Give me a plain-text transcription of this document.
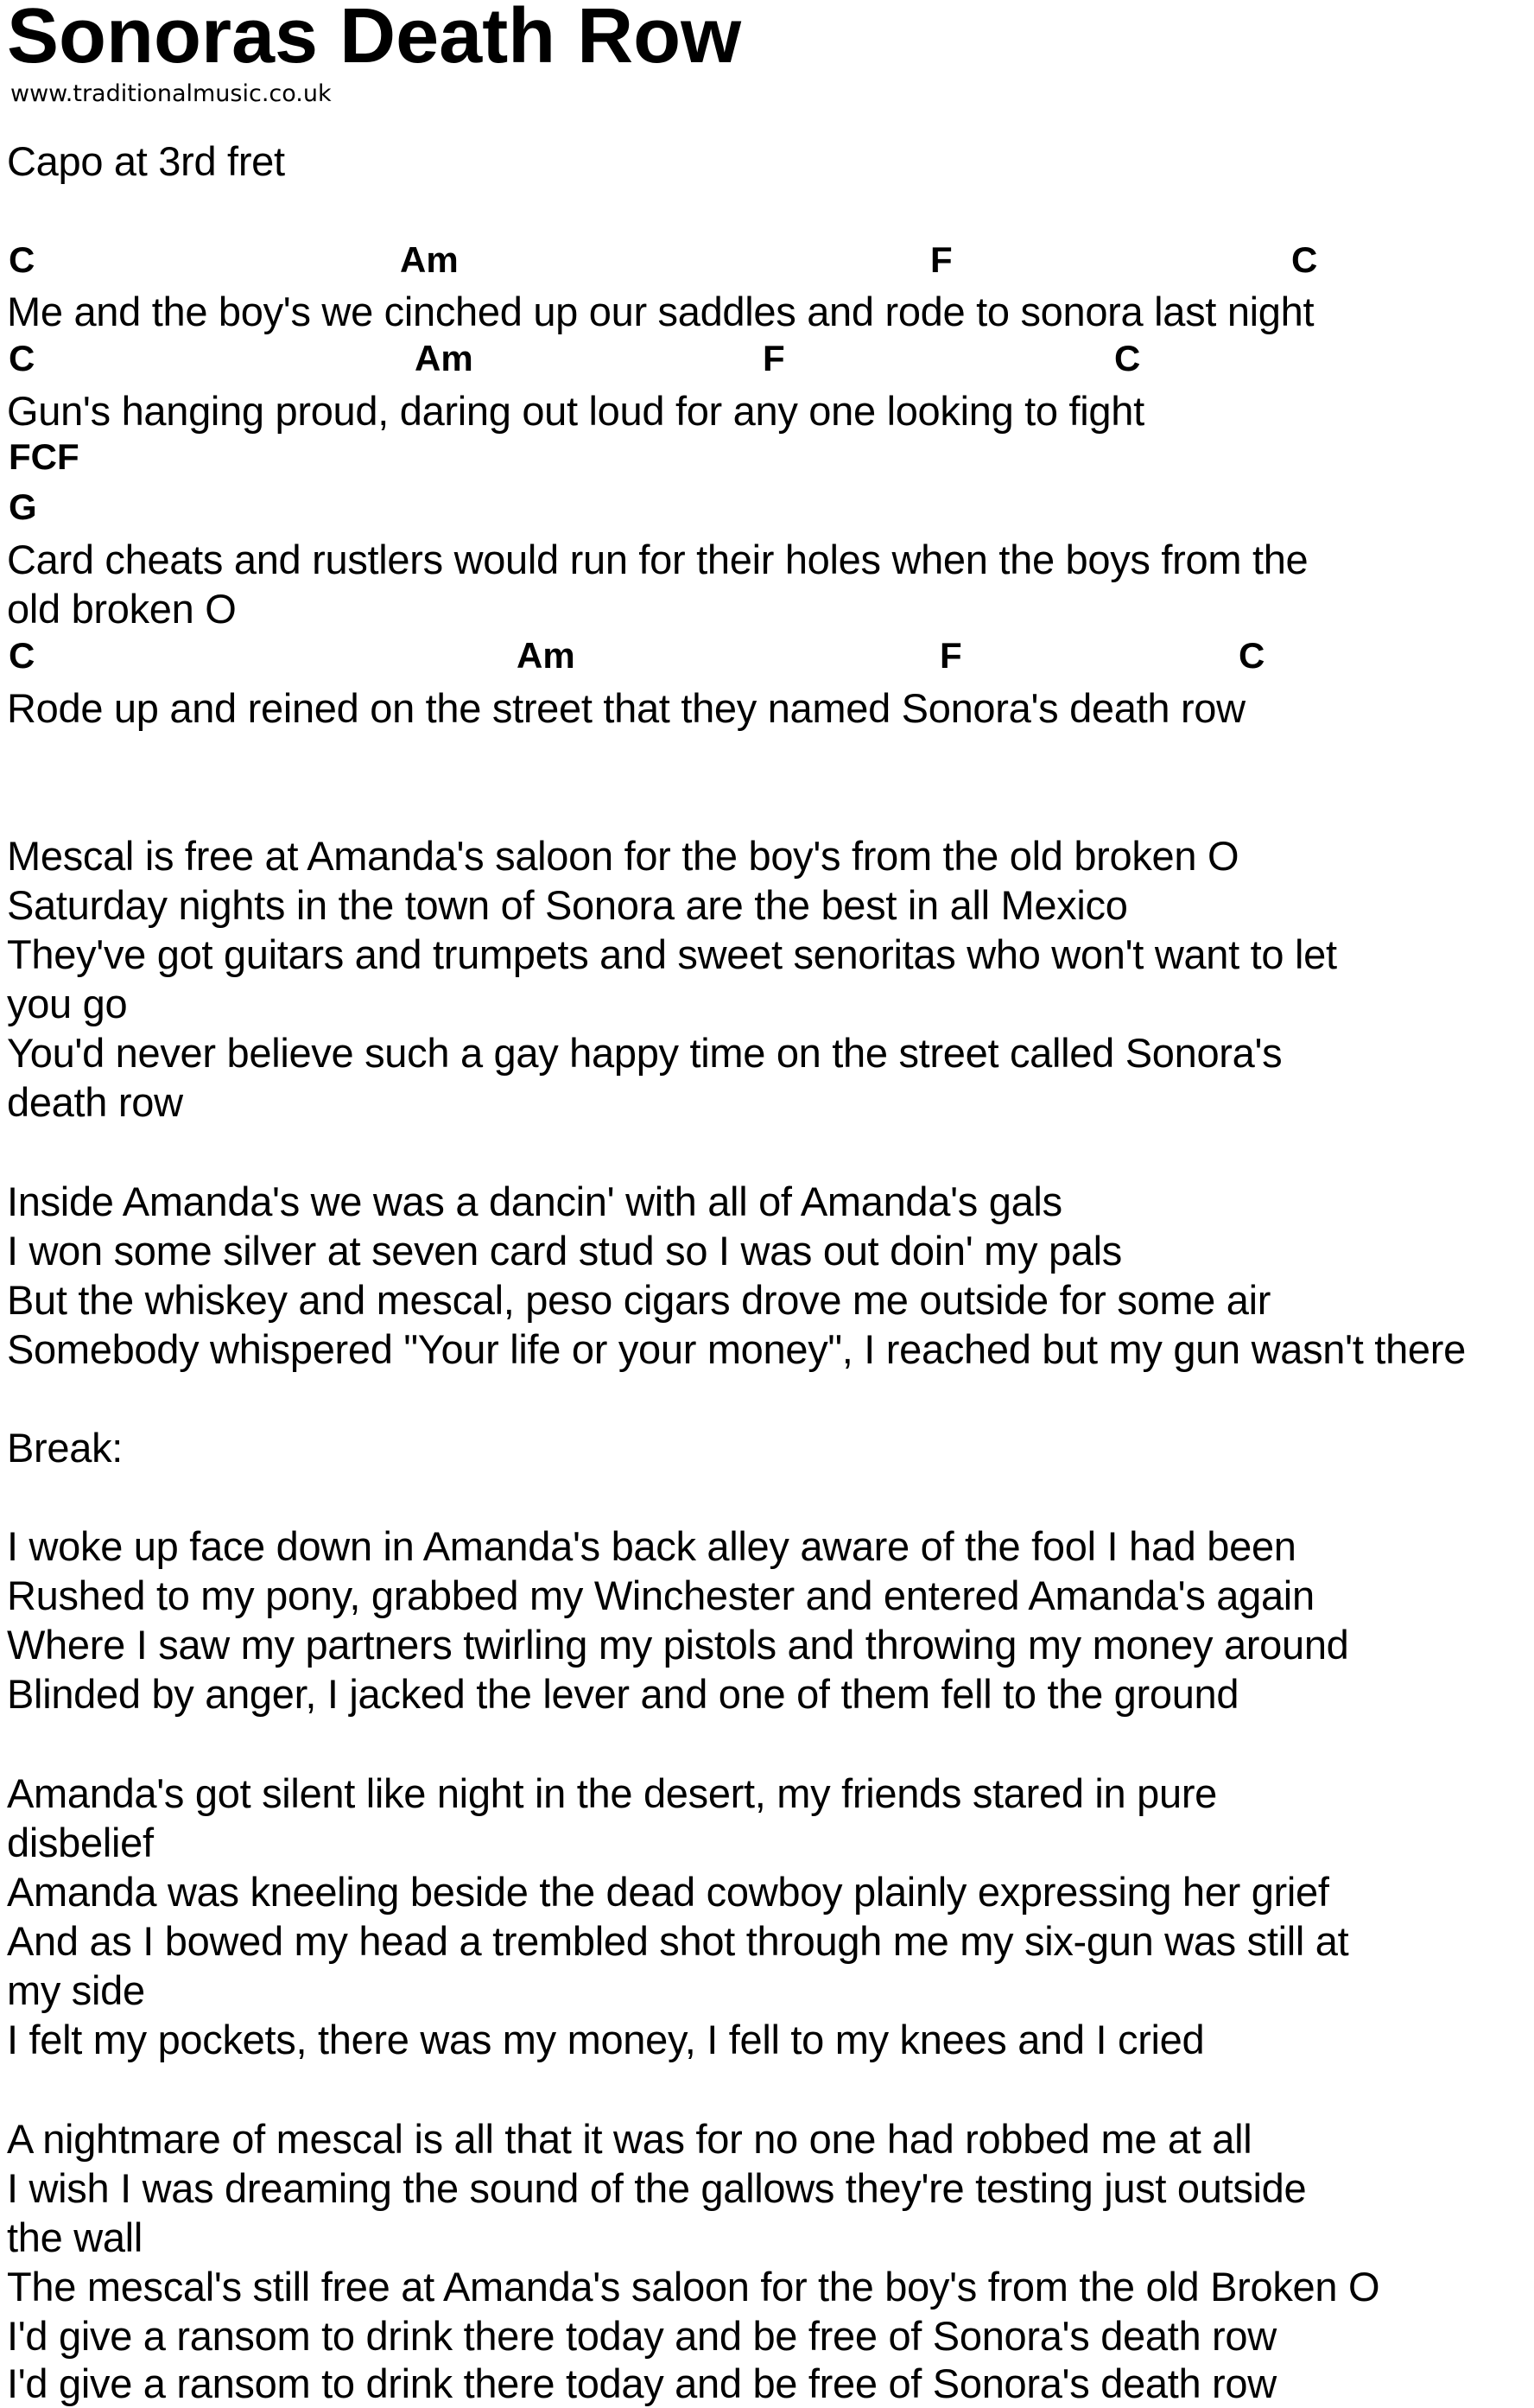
Sonoras Death Row
www.traditionalmusic.co.uk
Capo at 3rd fret
C	Am	F	C
Me and the boy's we cinched up our saddles and rode to sonora last night
C	Am	F	C
Gun's hanging proud, daring out loud for any one looking to fight
FCF
G
Card cheats and rustlers would run for their holes when the boys from the
old broken O
C	Am	F	C
Rode up and reined on the street that they named Sonora's death row
Mescal is free at Amanda's saloon for the boy's from the old broken O
Saturday nights in the town of Sonora are the best in all Mexico
They've got guitars and trumpets and sweet senoritas who won't want to let
you go
You'd never believe such a gay happy time on the street called Sonora's
death row
Inside Amanda's we was a dancin' with all of Amanda's gals
I won some silver at seven card stud so I was out doin' my pals
But the whiskey and mescal, peso cigars drove me outside for some air
Somebody whispered "Your life or your money", I reached but my gun wasn't there
Break:
I woke up face down in Amanda's back alley aware of the fool I had been
Rushed to my pony, grabbed my Winchester and entered Amanda's again
Where I saw my partners twirling my pistols and throwing my money around
Blinded by anger, I jacked the lever and one of them fell to the ground
Amanda's got silent like night in the desert, my friends stared in pure
disbelief
Amanda was kneeling beside the dead cowboy plainly expressing her grief
And as I bowed my head a trembled shot through me my six-gun was still at
my side
I felt my pockets, there was my money, I fell to my knees and I cried
A nightmare of mescal is all that it was for no one had robbed me at all
I wish I was dreaming the sound of the gallows they're testing just outside
the wall
The mescal's still free at Amanda's saloon for the boy's from the old Broken O
I'd give a ransom to drink there today and be free of Sonora's death row
I'd give a ransom to drink there today and be free of Sonora's death row
